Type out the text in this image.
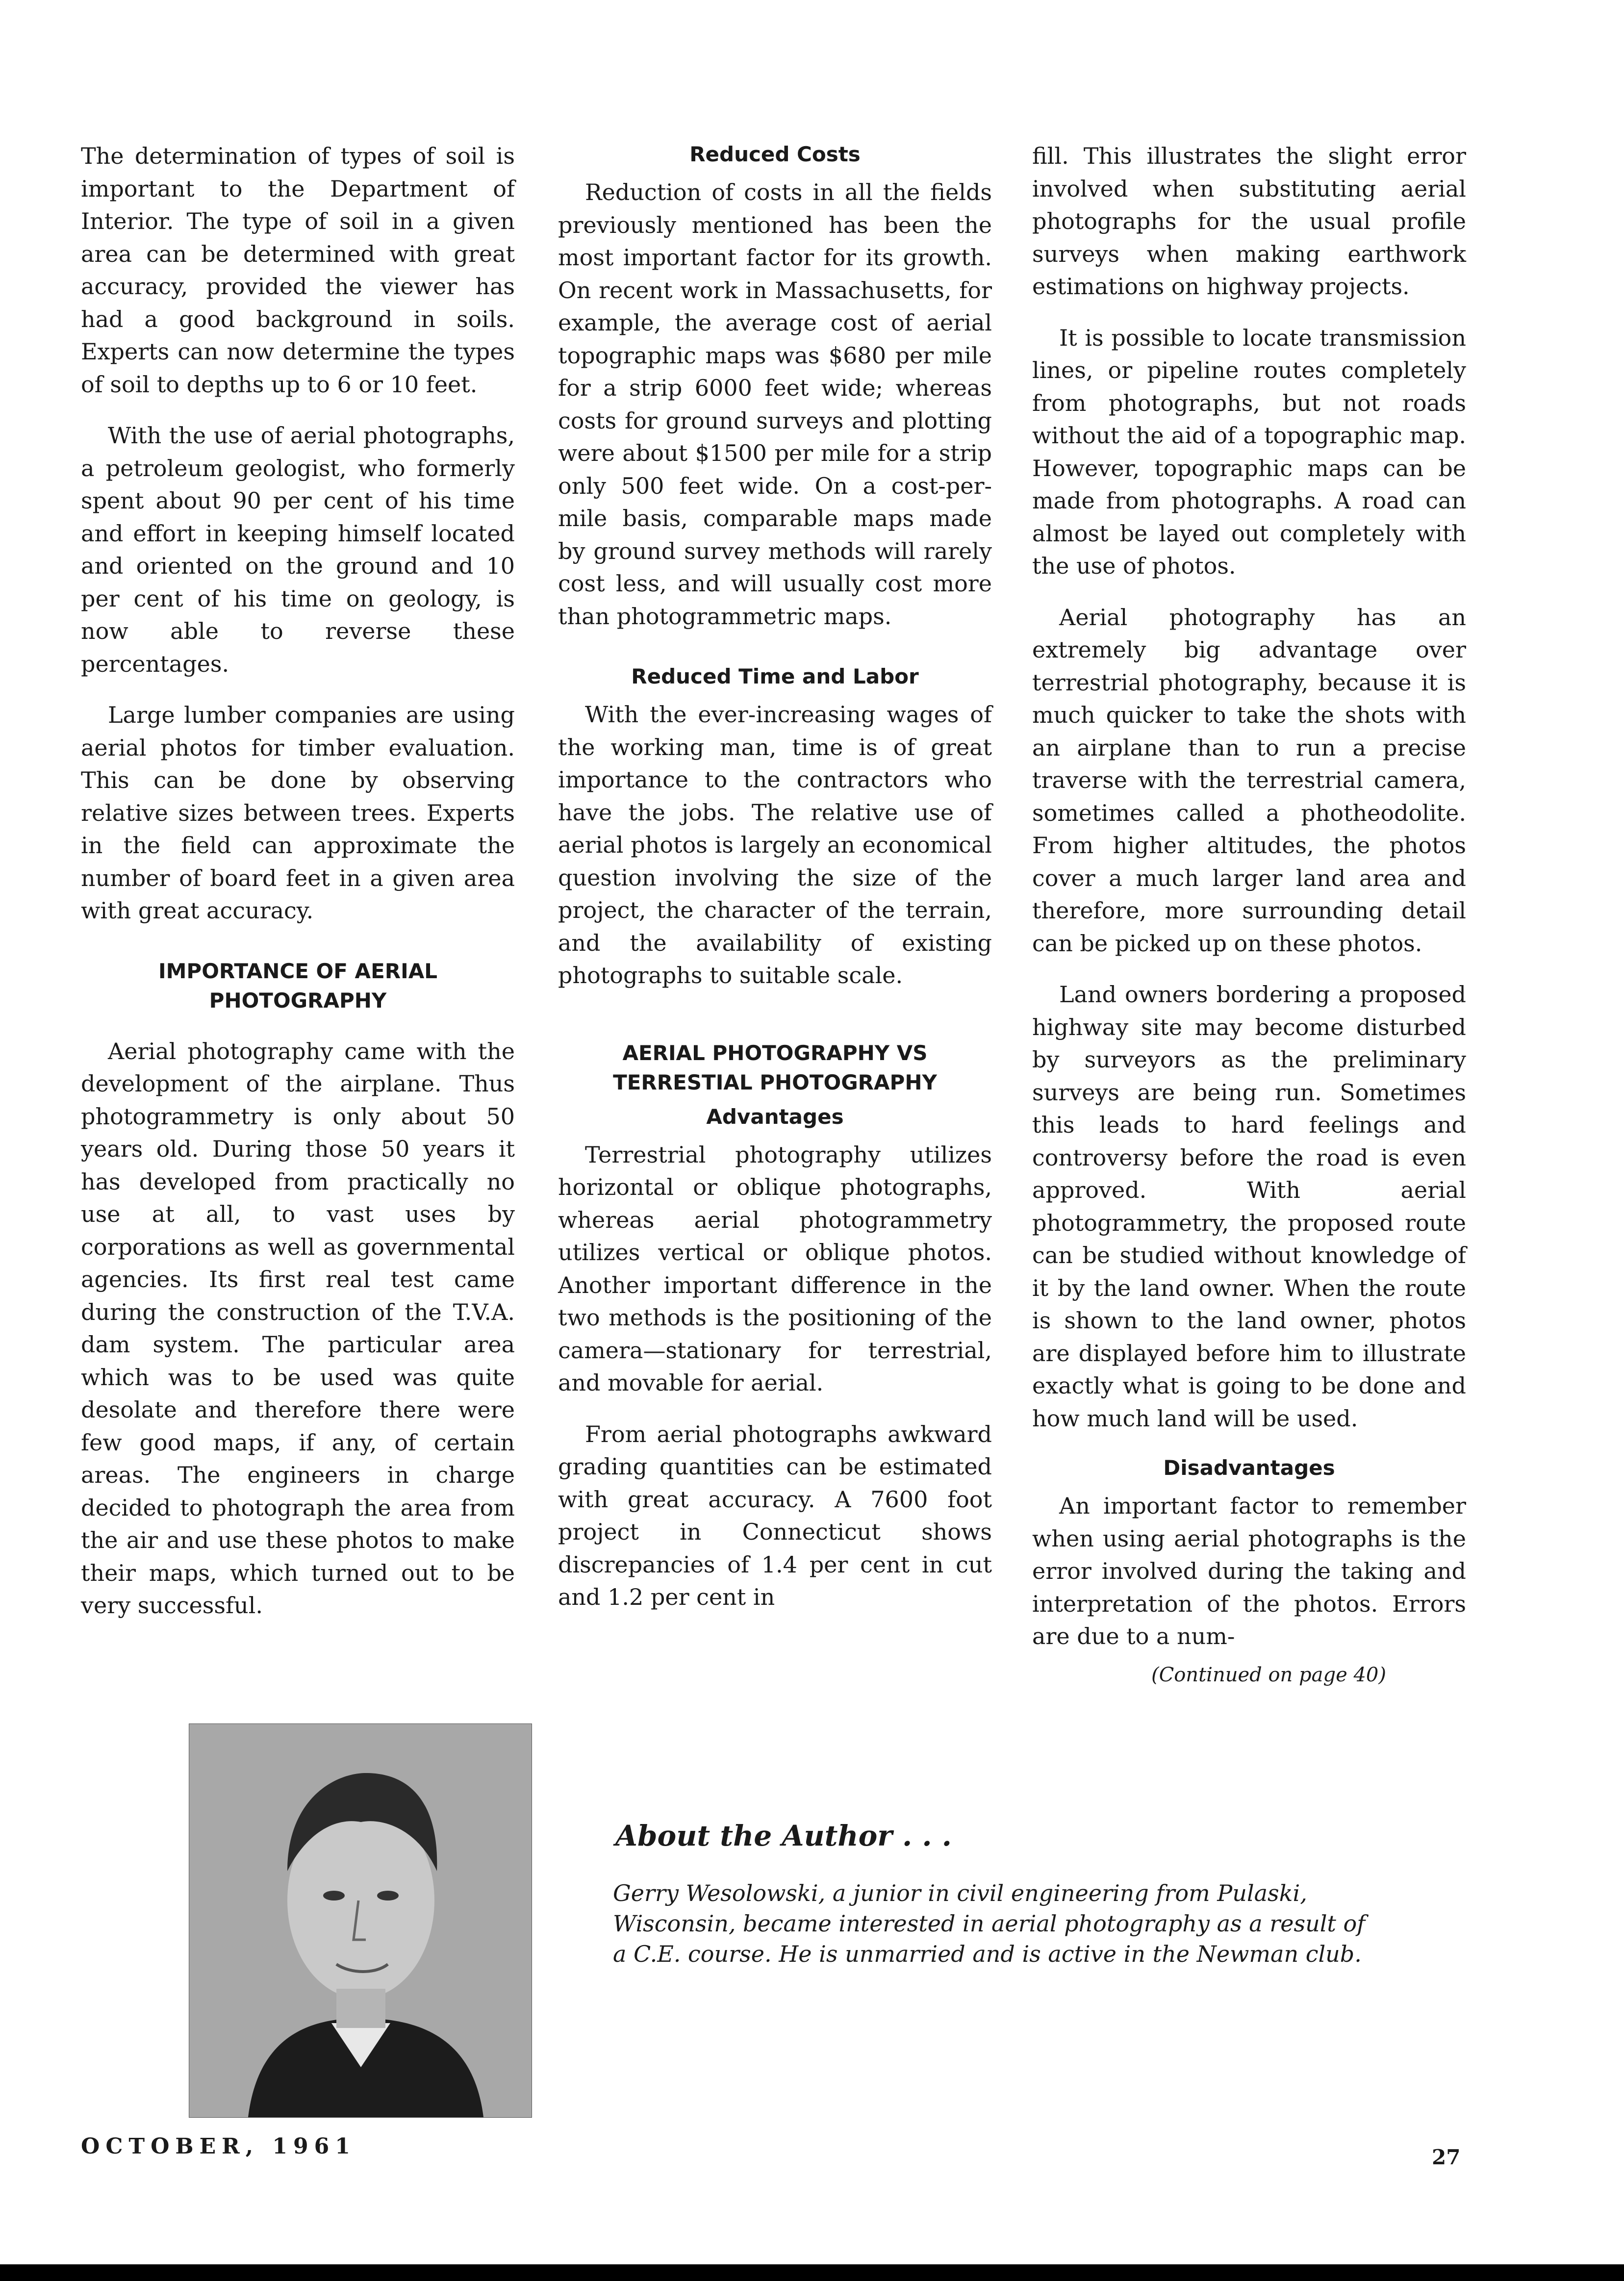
The determination of types of soil is important to the Department of Interior. The type of soil in a given area can be determined with great accuracy, provided the viewer has had a good background in soils. Experts can now determine the types of soil to depths up to 6 or 10 feet.

With the use of aerial photographs, a petroleum geologist, who formerly spent about 90 per cent of his time and effort in keeping himself located and oriented on the ground and 10 per cent of his time on geology, is now able to reverse these percentages.

Large lumber companies are using aerial photos for timber evaluation. This can be done by observing relative sizes between trees. Experts in the field can approximate the number of board feet in a given area with great accuracy.

IMPORTANCE OF AERIAL PHOTOGRAPHY

Aerial photography came with the development of the airplane. Thus photogrammetry is only about 50 years old. During those 50 years it has developed from practically no use at all, to vast uses by corporations as well as governmental agencies. Its first real test came during the construction of the T.V.A. dam system. The particular area which was to be used was quite desolate and therefore there were few good maps, if any, of certain areas. The engineers in charge decided to photograph the area from the air and use these photos to make their maps, which turned out to be very successful.

Reduced Costs

Reduction of costs in all the fields previously mentioned has been the most important factor for its growth. On recent work in Massachusetts, for example, the average cost of aerial topographic maps was $680 per mile for a strip 6000 feet wide; whereas costs for ground surveys and plotting were about $1500 per mile for a strip only 500 feet wide. On a cost-per-mile basis, comparable maps made by ground survey methods will rarely cost less, and will usually cost more than photogrammetric maps.

Reduced Time and Labor

With the ever-increasing wages of the working man, time is of great importance to the contractors who have the jobs. The relative use of aerial photos is largely an economical question involving the size of the project, the character of the terrain, and the availability of existing photographs to suitable scale.

AERIAL PHOTOGRAPHY VS TERRESTIAL PHOTOGRAPHY
Advantages

Terrestrial photography utilizes horizontal or oblique photographs, whereas aerial photogrammetry utilizes vertical or oblique photos. Another important difference in the two methods is the positioning of the camera—stationary for terrestrial, and movable for aerial.

From aerial photographs awkward grading quantities can be estimated with great accuracy. A 7600 foot project in Connecticut shows discrepancies of 1.4 per cent in cut and 1.2 per cent in

fill. This illustrates the slight error involved when substituting aerial photographs for the usual profile surveys when making earthwork estimations on highway projects.

It is possible to locate transmission lines, or pipeline routes completely from photographs, but not roads without the aid of a topographic map. However, topographic maps can be made from photographs. A road can almost be layed out completely with the use of photos.

Aerial photography has an extremely big advantage over terrestrial photography, because it is much quicker to take the shots with an airplane than to run a precise traverse with the terrestrial camera, sometimes called a photheodolite. From higher altitudes, the photos cover a much larger land area and therefore, more surrounding detail can be picked up on these photos.

Land owners bordering a proposed highway site may become disturbed by surveyors as the preliminary surveys are being run. Sometimes this leads to hard feelings and controversy before the road is even approved. With aerial photogrammetry, the proposed route can be studied without knowledge of it by the land owner. When the route is shown to the land owner, photos are displayed before him to illustrate exactly what is going to be done and how much land will be used.

Disadvantages

An important factor to remember when using aerial photographs is the error involved during the taking and interpretation of the photos. Errors are due to a num-

(Continued on page 40)
About the Author . . .

Gerry Wesolowski, a junior in civil engineering from Pulaski, Wisconsin, became interested in aerial photography as a result of a C.E. course. He is unmarried and is active in the Newman club.

OCTOBER, 1961	27
